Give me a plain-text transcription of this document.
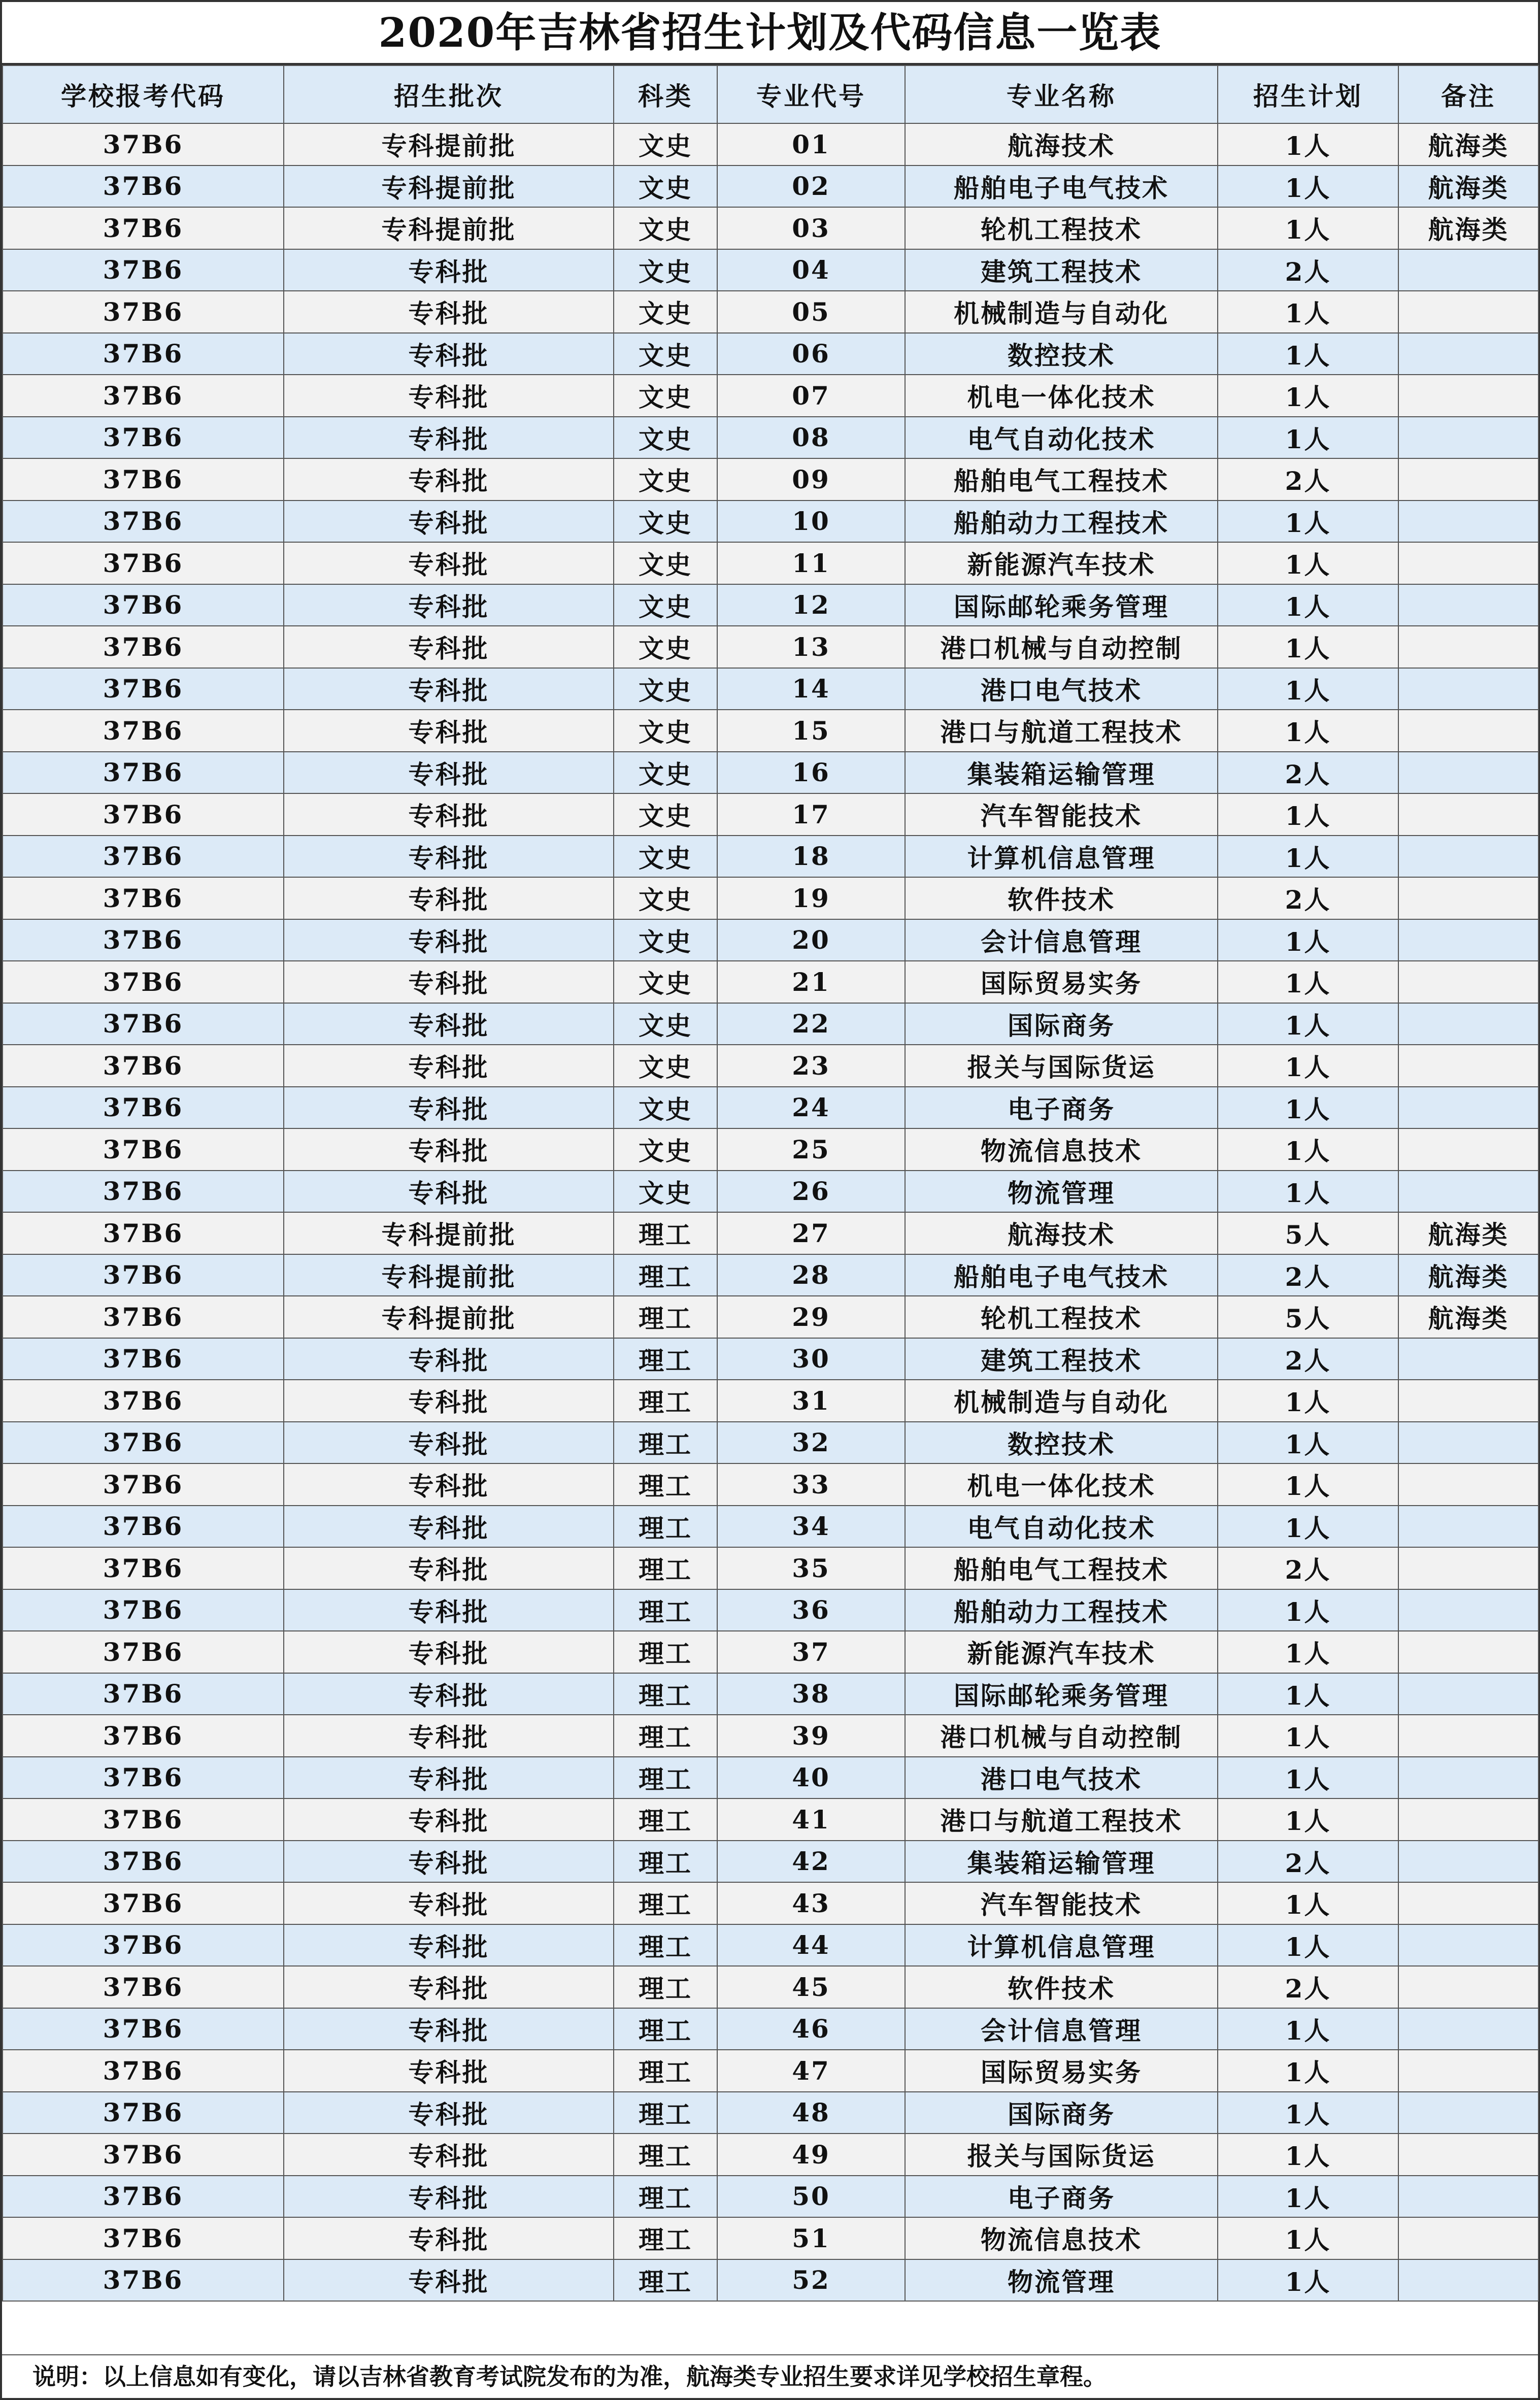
2020年吉林省招生计划及代码信息一览表
学校报考代码	招生批次	科类	专业代号	专业名称	招生计划	备注
37B6	专科提前批	文史	01	航海技术	1人	航海类
37B6	专科提前批	文史	02	船舶电子电气技术	1人	航海类
37B6	专科提前批	文史	03	轮机工程技术	1人	航海类
37B6	专科批	文史	04	建筑工程技术	2人	
37B6	专科批	文史	05	机械制造与自动化	1人	
37B6	专科批	文史	06	数控技术	1人	
37B6	专科批	文史	07	机电一体化技术	1人	
37B6	专科批	文史	08	电气自动化技术	1人	
37B6	专科批	文史	09	船舶电气工程技术	2人	
37B6	专科批	文史	10	船舶动力工程技术	1人	
37B6	专科批	文史	11	新能源汽车技术	1人	
37B6	专科批	文史	12	国际邮轮乘务管理	1人	
37B6	专科批	文史	13	港口机械与自动控制	1人	
37B6	专科批	文史	14	港口电气技术	1人	
37B6	专科批	文史	15	港口与航道工程技术	1人	
37B6	专科批	文史	16	集装箱运输管理	2人	
37B6	专科批	文史	17	汽车智能技术	1人	
37B6	专科批	文史	18	计算机信息管理	1人	
37B6	专科批	文史	19	软件技术	2人	
37B6	专科批	文史	20	会计信息管理	1人	
37B6	专科批	文史	21	国际贸易实务	1人	
37B6	专科批	文史	22	国际商务	1人	
37B6	专科批	文史	23	报关与国际货运	1人	
37B6	专科批	文史	24	电子商务	1人	
37B6	专科批	文史	25	物流信息技术	1人	
37B6	专科批	文史	26	物流管理	1人	
37B6	专科提前批	理工	27	航海技术	5人	航海类
37B6	专科提前批	理工	28	船舶电子电气技术	2人	航海类
37B6	专科提前批	理工	29	轮机工程技术	5人	航海类
37B6	专科批	理工	30	建筑工程技术	2人	
37B6	专科批	理工	31	机械制造与自动化	1人	
37B6	专科批	理工	32	数控技术	1人	
37B6	专科批	理工	33	机电一体化技术	1人	
37B6	专科批	理工	34	电气自动化技术	1人	
37B6	专科批	理工	35	船舶电气工程技术	2人	
37B6	专科批	理工	36	船舶动力工程技术	1人	
37B6	专科批	理工	37	新能源汽车技术	1人	
37B6	专科批	理工	38	国际邮轮乘务管理	1人	
37B6	专科批	理工	39	港口机械与自动控制	1人	
37B6	专科批	理工	40	港口电气技术	1人	
37B6	专科批	理工	41	港口与航道工程技术	1人	
37B6	专科批	理工	42	集装箱运输管理	2人	
37B6	专科批	理工	43	汽车智能技术	1人	
37B6	专科批	理工	44	计算机信息管理	1人	
37B6	专科批	理工	45	软件技术	2人	
37B6	专科批	理工	46	会计信息管理	1人	
37B6	专科批	理工	47	国际贸易实务	1人	
37B6	专科批	理工	48	国际商务	1人	
37B6	专科批	理工	49	报关与国际货运	1人	
37B6	专科批	理工	50	电子商务	1人	
37B6	专科批	理工	51	物流信息技术	1人	
37B6	专科批	理工	52	物流管理	1人	
说明：以上信息如有变化，请以吉林省教育考试院发布的为准，航海类专业招生要求详见学校招生章程。
